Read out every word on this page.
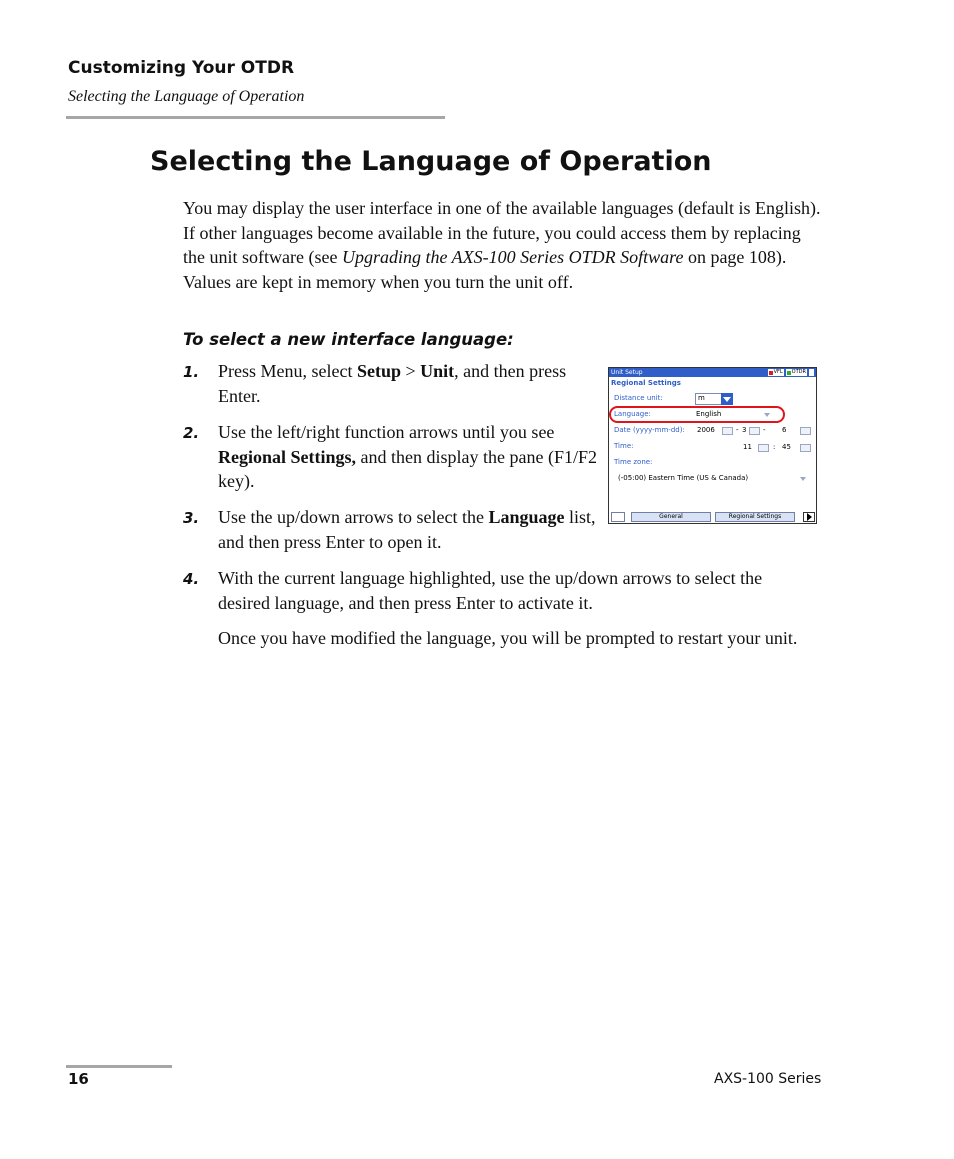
Customizing Your OTDR
Selecting the Language of Operation
Selecting the Language of Operation

You may display the user interface in one of the available languages (default is English). If other languages become available in the future, you could access them by replacing the unit software (see Upgrading the AXS-100 Series OTDR Software on page 108). Values are kept in memory when you turn the unit off.

To select a new interface language:
1. Press Menu, select Setup > Unit, and then press Enter.

2. Use the left/right function arrows until you see Regional Settings, and then display the pane (F1/F2 key).

3. Use the up/down arrows to select the Language list, and then press Enter to open it.

4. With the current language highlighted, use the up/down arrows to select the desired language, and then press Enter to activate it.

Once you have modified the language, you will be prompted to restart your unit.

Unit Setup	VFL OTDR
Regional Settings
Distance unit:	m
Language:	English
Date (yyyy-mm-dd): 2006	- 3 - 6
Time:	11	: 45
Time zone:
(-05:00) Eastern Time (US & Canada)
General	Regional Settings
16	AXS-100 Series
